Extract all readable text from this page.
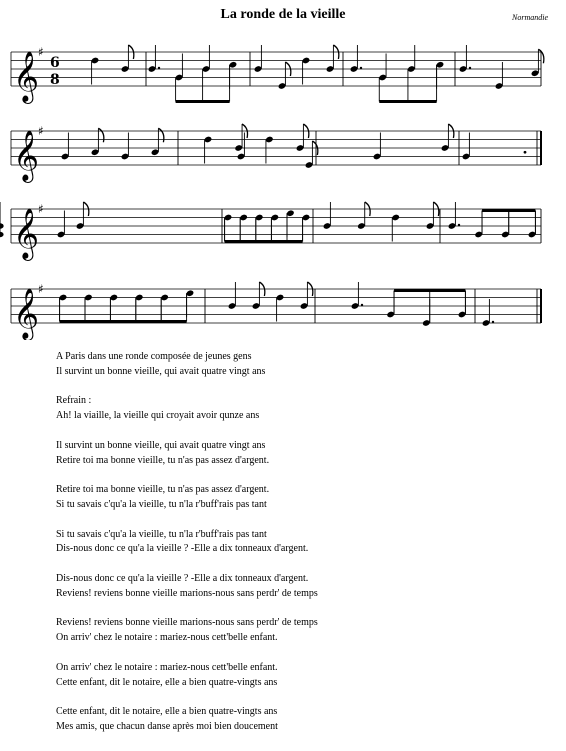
La ronde de la vieille	Normandie
𝄞
♯
6
8
𝄞
♯
𝄞
♯
𝄞
♯
A Paris dans une ronde composée de jeunes gens
Il survint un bonne vieille, qui avait quatre vingt ans
Refrain :
Ah! la viaille, la vieille qui croyait avoir qunze ans
Il survint un bonne vieille, qui avait quatre vingt ans
Retire toi ma bonne vieille, tu n'as pas assez d'argent.
Retire toi ma bonne vieille, tu n'as pas assez d'argent.
Si tu savais c'qu'a la vieille, tu n'la r'buff'rais pas tant
Si tu savais c'qu'a la vieille, tu n'la r'buff'rais pas tant
Dis-nous donc ce qu'a la vieille ? -Elle a dix tonneaux d'argent.
Dis-nous donc ce qu'a la vieille ? -Elle a dix tonneaux d'argent.
Reviens! reviens bonne vieille marions-nous sans perdr' de temps
Reviens! reviens bonne vieille marions-nous sans perdr' de temps
On arriv' chez le notaire : mariez-nous cett'belle enfant.
On arriv' chez le notaire : mariez-nous cett'belle enfant.
Cette enfant, dit le notaire, elle a bien quatre-vingts ans
Cette enfant, dit le notaire, elle a bien quatre-vingts ans
Mes amis, que chacun danse après moi bien doucement
